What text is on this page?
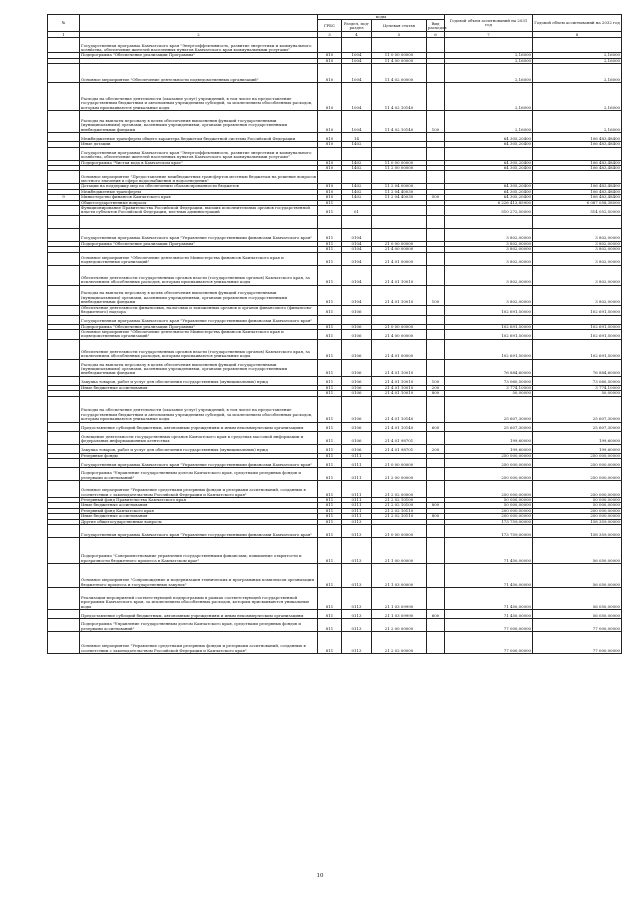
№		коды				Годовой объем ассигнований на 2031 год	Годовой объем ассигнований на 2032 год
		ГРБС	Раздел, под-раздел	Целевая статья	Вид расходов		
1	2	3	4	5	6	7	8
	Государственная программа Камчатского края "Энергоэффективность, развитие энергетики и коммунального хозяйства, обеспечение жителей населенных пунктов Камчатского края коммунальными услугами"						
	Подпрограмма "Обеспечение реализации Программы"	810	1004	11 0 00 00000		2,16000	2,16000
		810	1004	11 4 00 00000		2,16000	2,16000
	Основное мероприятие "Обеспечение деятельности подведомственных организаций"	810	1004	11 4 02 00000		2,16000	2,16000
	Расходы на обеспечение деятельности (оказание услуг) учреждений, в том числе на предоставление государственным бюджетным и автономным учреждениям субсидий, за исключением обособленных расходов, которым присваиваются уникальные коды	810	1004	11 4 02 10140		2,16000	2,16000
	Расходы на выплаты персоналу в целях обеспечения выполнения функций государственными (муниципальными) органами, казенными учреждениями, органами управления государственными внебюджетными фондами	810	1004	11 4 02 10140	100	2,16000	2,16000
	Межбюджетные трансферты общего характера бюджетам бюджетной системы Российской Федерации	810	14			64 305,20400	106 483,48400
	Иные дотации	810	1402			64 305,20400	106 483,48400
	Государственная программа Камчатского края "Энергоэффективность, развитие энергетики и коммунального хозяйства, обеспечение жителей населенных пунктов Камчатского края коммунальными услугами"						
	Подпрограмма "Чистая вода в Камчатском крае"	810	1402	11 0 00 00000		64 305,20400	106 483,48400
		810	1402	11 2 00 00000		64 305,20400	106 483,48400
	Основное мероприятие "Предоставление межбюджетных трансфертов местным бюджетам на решение вопросов местного значения в сфере водоснабжения и водоотведения"						
	Дотации на поддержку мер по обеспечению сбалансированности бюджетов	810	1402	11 2 04 00000		64 305,20400	106 483,48400
	Межбюджетные трансферты	810	1402	11 2 04 40030		64 305,20400	106 483,48400
9	Министерство финансов Камчатского края	810	1402	11 2 04 40030	500	64 305,20400	106 483,48400
	Общегосударственные вопросы	811				6 226 413,85900	6 087 058,38000
	Функционирование Правительства Российской Федерации, высших исполнительных органов государственной власти субъектов Российской Федерации, местных администраций	811	01			510 272,50000	514 052,50000

	Государственная программа Камчатского края "Управление государственными финансами Камчатского края"	811	0104			3 802,00000	3 802,00000
	Подпрограмма "Обеспечение реализации Программы"	811	0104	21 0 00 00000		3 802,00000	3 802,00000
		811	0104	21 4 00 00000		3 802,00000	3 802,00000
	Основное мероприятие "Обеспечение деятельности Министерства финансов Камчатского края и подведомственных организаций"	811	0104	21 4 01 00000		3 802,00000	3 802,00000
	Обеспечение деятельности государственных органов власти (государственных органов) Камчатского края, за исключением обособленных расходов, которым присваиваются уникальные коды	811	0104	21 4 01 10010		3 802,00000	3 802,00000
	Расходы на выплаты персоналу в целях обеспечения выполнения функций государственными (муниципальными) органами, казенными учреждениями, органами управления государственными внебюджетными фондами	811	0104	21 4 01 10010	100	3 802,00000	3 802,00000
	Обеспечение деятельности финансовых, налоговых и таможенных органов и органов финансового (финансово-бюджетного) надзора	811	0106			102 691,50000	102 691,50000
	Государственная программа Камчатского края "Управление государственными финансами Камчатского края"						
	Подпрограмма "Обеспечение реализации Программы"	811	0106	21 0 00 00000		102 691,50000	102 691,50000
	Основное мероприятие "Обеспечение деятельности Министерства финансов Камчатского края и подведомственных организаций"	811	0106	21 4 00 00000		102 691,50000	102 691,50000
	Обеспечение деятельности государственных органов власти (государственных органов) Камчатского края, за исключением обособленных расходов, которым присваиваются уникальные коды	811	0106	21 4 01 00000		102 691,50000	102 691,50000
	Расходы на выплаты персоналу в целях обеспечения выполнения функций государственными (муниципальными) органами, казенными учреждениями, органами управления государственными внебюджетными фондами	811	0106	21 4 01 10010		76 884,60000	76 884,60000
	Закупка товаров, работ и услуг для обеспечения государственных (муниципальных) нужд	811	0106	21 4 01 10010	100	73 060,50000	73 060,50000
	Иные бюджетные ассигнования	811	0106	21 4 01 10010	200	3 774,10000	3 774,10000
		811	0106	21 4 01 10010	800	50,00000	50,00000
	Расходы на обеспечение деятельности (оказание услуг) учреждений, в том числе на предоставление государственным бюджетным и автономным учреждениям субсидий, за исключением обособленных расходов, которым присваиваются уникальные коды	811	0106	21 4 01 10140		25 607,30000	25 607,30000
	Предоставление субсидий бюджетным, автономным учреждениям и иным некоммерческим организациям	811	0106	21 4 01 10140	600	25 607,30000	25 607,30000
	Освещение деятельности государственных органов Камчатского края в средствах массовой информации и федеральных информационных агентствах	811	0106	21 4 01 98701		199,60000	199,60000
	Закупка товаров, работ и услуг для обеспечения государственных (муниципальных) нужд	811	0106	21 4 01 98701	200	199,60000	199,60000
	Резервные фонды	811	0111			250 000,00000	250 000,00000
	Государственная программа Камчатского края "Управление государственными финансами Камчатского края"	811	0111	21 0 00 00000		250 000,00000	250 000,00000
	Подпрограмма "Управление государственным долгом Камчатского края, средствами резервных фондов и резервами ассигнований"	811	0111	21 2 00 00000		250 000,00000	250 000,00000
	Основное мероприятие "Управление средствами резервных фондов и резервами ассигнований, созданных в соответствии с законодательством Российской Федерации и Камчатского края"	811	0111	21 2 02 00000		250 000,00000	250 000,00000
	Резервный фонд Правительства Камчатского края	811	0111	21 2 02 10100		50 000,00000	50 000,00000
	Иные бюджетные ассигнования	811	0111	21 2 02 10100	800	50 000,00000	50 000,00000
	Резервный фонд Камчатского края	811	0111	21 2 02 10110		200 000,00000	200 000,00000
	Иные бюджетные ассигнования	811	0111	21 2 02 10110	800	200 000,00000	200 000,00000
	Другие общегосударственные вопросы	811	0113			173 759,00000	158 359,00000
	Государственная программа Камчатского края "Управление государственными финансами Камчатского края"	811	0113	21 0 00 00000		173 759,00000	158 359,00000
	Подпрограмма "Совершенствование управления государственными финансами, повышение открытости и прозрачности бюджетного процесса в Камчатском крае"	811	0113	21 1 00 00000		71 450,00000	56 050,00000
	Основное мероприятие "Сопровождение и модернизация технических и программных комплексов организации бюджетного процесса и государственных закупок"	811	0113	21 1 03 00000		71 450,00000	56 050,00000
	Реализация мероприятий соответствующей подпрограммы в рамках соответствующей государственной программы Камчатского края, за исключением обособленных расходов, которым присваиваются уникальные коды	811	0113	21 1 03 09990		71 450,00000	56 050,00000
	Предоставление субсидий бюджетным, автономным учреждениям и иным некоммерческим организациям	811	0113	21 1 03 09990	600	71 450,00000	56 050,00000
	Подпрограмма "Управление государственным долгом Камчатского края, средствами резервных фондов и резервами ассигнований"	811	0113	21 2 00 00000		77 000,00000	77 000,00000
	Основное мероприятие "Управление средствами резервных фондов и резервами ассигнований, созданных в соответствии с законодательством Российской Федерации и Камчатского края"	811	0113	21 2 02 00000		77 000,00000	77 000,00000
10
